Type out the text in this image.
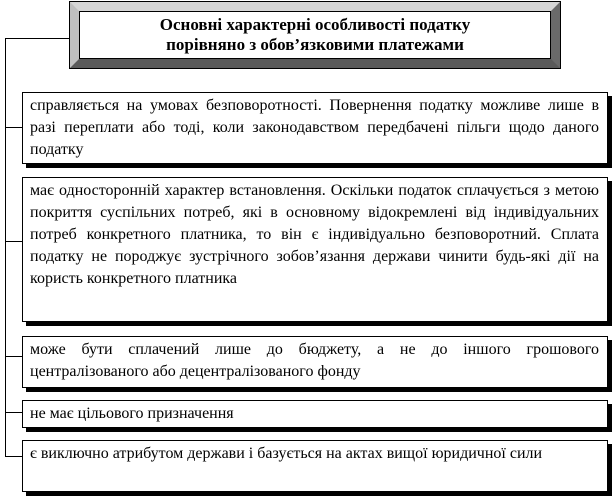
Основні характерні особливості податку
порівняно з обов’язковими платежами
справляється на умовах безповоротності. Повернення податку можливе лише в разі переплати або тоді, коли законодавством передбачені пільги щодо даного податку
має односторонній характер встановлення. Оскільки податок сплачується з метою покриття суспільних потреб, які в основному відокремлені від індивідуальних потреб конкретного платника, то він є індивідуально безповоротний. Сплата податку не породжує зустрічного зобов’язання держави чинити будь-які дії на користь конкретного платника
може бути сплачений лише до бюджету, а не до іншого грошового централізованого або децентралізованого фонду
не має цільового призначення
є виключно атрибутом держави і базується на актах вищої юридичної сили
